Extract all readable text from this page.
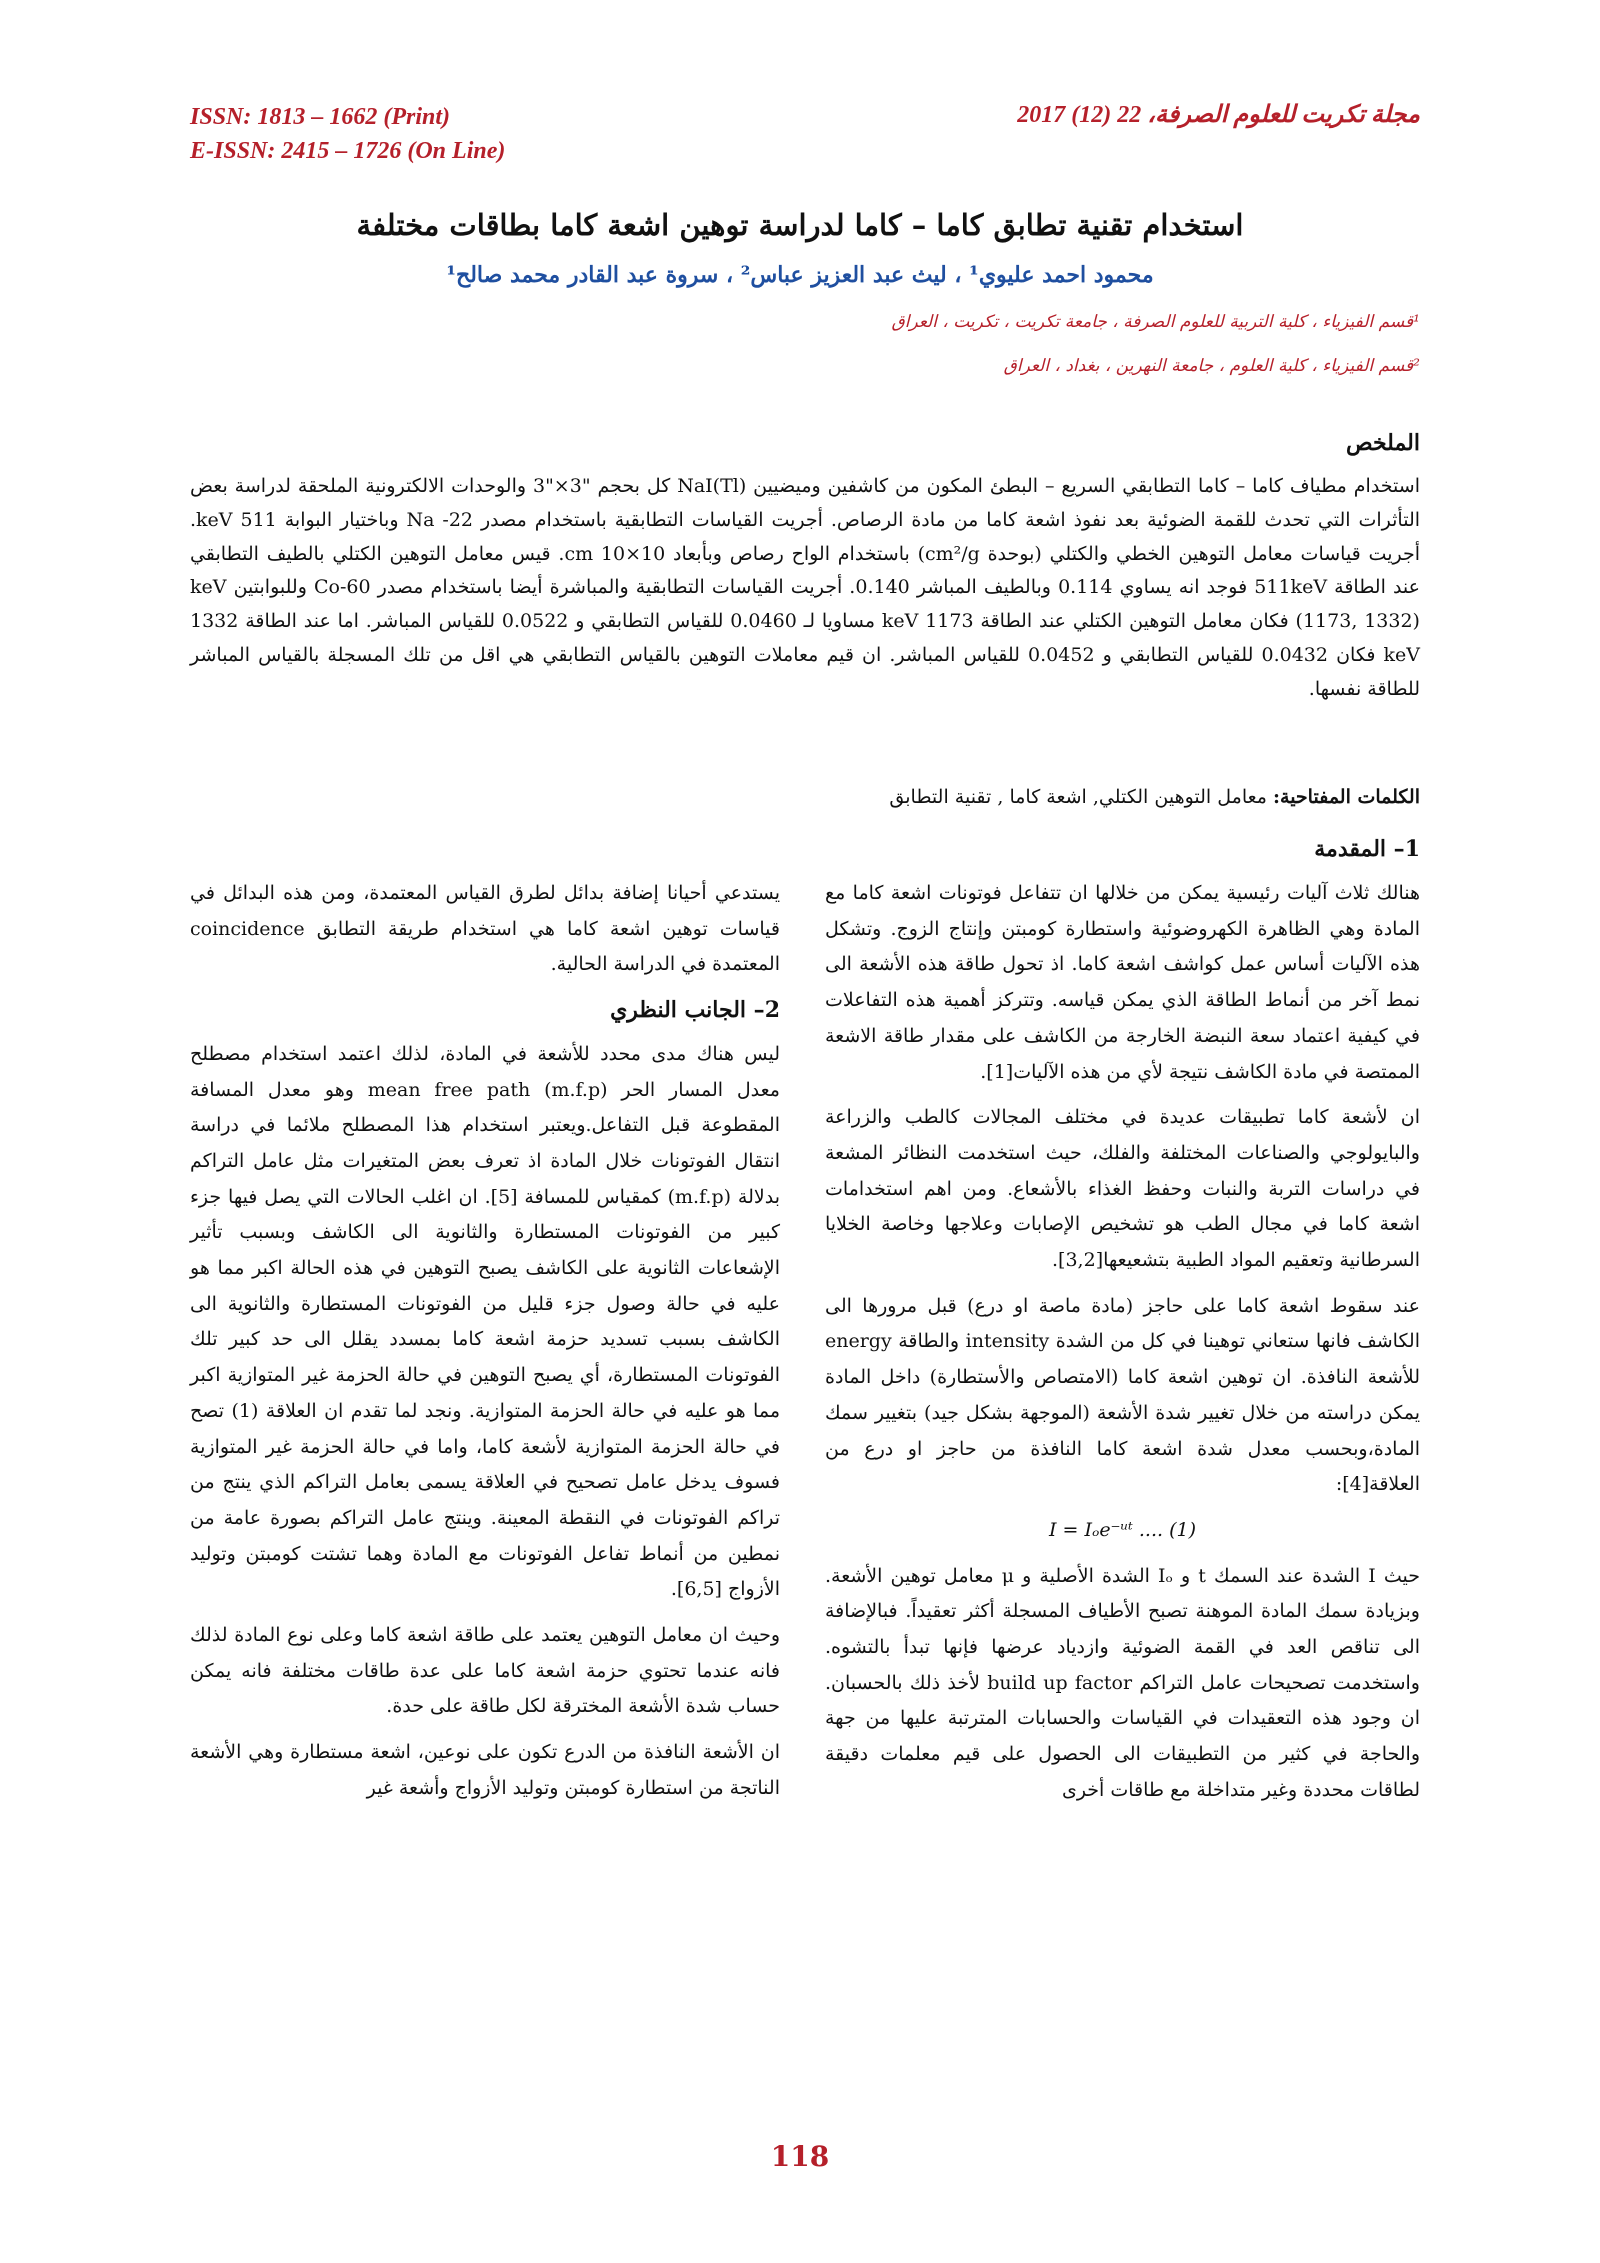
ISSN: 1813 – 1662 (Print)
E-ISSN: 2415 – 1726 (On Line)
مجلة تكريت للعلوم الصرفة، 22 (12) 2017
استخدام تقنية تطابق كاما – كاما لدراسة توهين اشعة كاما بطاقات مختلفة
محمود احمد عليوي¹ ، ليث عبد العزيز عباس² ، سروة عبد القادر محمد صالح¹
¹قسم الفيزياء ، كلية التربية للعلوم الصرفة ، جامعة تكريت ، تكريت ، العراق
²قسم الفيزياء ، كلية العلوم ، جامعة النهرين ، بغداد ، العراق
الملخص
استخدام مطياف كاما – كاما التطابقي السريع – البطئ المكون من كاشفين وميضيين NaI(Tl) كل بحجم "3×"3 والوحدات الالكترونية الملحقة لدراسة بعض التأثرات التي تحدث للقمة الضوئية بعد نفوذ اشعة كاما من مادة الرصاص. أجريت القياسات التطابقية باستخدام مصدر Na -22 وباختيار البوابة 511 keV. أجريت قياسات معامل التوهين الخطي والكتلي (بوحدة cm²/g) باستخدام الواح رصاص وبأبعاد 10×10 cm. قيس معامل التوهين الكتلي بالطيف التطابقي عند الطاقة 511keV فوجد انه يساوي 0.114 وبالطيف المباشر 0.140. أجريت القياسات التطابقية والمباشرة أيضا باستخدام مصدر Co-60 وللبوابتين keV (1173, 1332) فكان معامل التوهين الكتلي عند الطاقة 1173 keV مساويا لـ 0.0460 للقياس التطابقي و 0.0522 للقياس المباشر. اما عند الطاقة 1332 keV فكان 0.0432 للقياس التطابقي و 0.0452 للقياس المباشر. ان قيم معاملات التوهين بالقياس التطابقي هي اقل من تلك المسجلة بالقياس المباشر للطاقة نفسها.
الكلمات المفتاحية: معامل التوهين الكتلي, اشعة كاما , تقنية التطابق
1– المقدمة

هنالك ثلاث آليات رئيسية يمكن من خلالها ان تتفاعل فوتونات اشعة كاما مع المادة وهي الظاهرة الكهروضوئية واستطارة كومبتن وإنتاج الزوج. وتشكل هذه الآليات أساس عمل كواشف اشعة كاما. اذ تحول طاقة هذه الأشعة الى نمط آخر من أنماط الطاقة الذي يمكن قياسه. وتتركز أهمية هذه التفاعلات في كيفية اعتماد سعة النبضة الخارجة من الكاشف على مقدار طاقة الاشعة الممتصة في مادة الكاشف نتيجة لأي من هذه الآليات[1].

ان لأشعة كاما تطبيقات عديدة في مختلف المجالات كالطب والزراعة والبايولوجي والصناعات المختلفة والفلك، حيث استخدمت النظائر المشعة في دراسات التربة والنبات وحفظ الغذاء بالأشعاع. ومن اهم استخدامات اشعة كاما في مجال الطب هو تشخيص الإصابات وعلاجها وخاصة الخلايا السرطانية وتعقيم المواد الطبية بتشعيعها[3,2].

عند سقوط اشعة كاما على حاجز (مادة ماصة او درع) قبل مرورها الى الكاشف فانها ستعاني توهينا في كل من الشدة intensity والطاقة energy للأشعة النافذة. ان توهين اشعة كاما (الامتصاص والأستطارة) داخل المادة يمكن دراسته من خلال تغيير شدة الأشعة (الموجهة بشكل جيد) بتغيير سمك المادة،وبحسب معدل شدة اشعة كاما النافذة من حاجز او درع من العلاقة[4]:

I = Iₒe⁻ᵘᵗ .... (1)

حيث I الشدة عند السمك t و Iₒ الشدة الأصلية و μ معامل توهين الأشعة. وبزيادة سمك المادة الموهنة تصبح الأطياف المسجلة أكثر تعقيداً. فبالإضافة الى تناقص العد في القمة الضوئية وازدياد عرضها فإنها تبدأ بالتشوه. واستخدمت تصحيحات عامل التراكم build up factor لأخذ ذلك بالحسبان. ان وجود هذه التعقيدات في القياسات والحسابات المترتبة عليها من جهة والحاجة في كثير من التطبيقات الى الحصول على قيم معلمات دقيقة لطاقات محددة وغير متداخلة مع طاقات أخرى

يستدعي أحيانا إضافة بدائل لطرق القياس المعتمدة، ومن هذه البدائل في قياسات توهين اشعة كاما هي استخدام طريقة التطابق coincidence المعتمدة في الدراسة الحالية.

2– الجانب النظري

ليس هناك مدى محدد للأشعة في المادة، لذلك اعتمد استخدام مصطلح معدل المسار الحر mean free path (m.f.p) وهو معدل المسافة المقطوعة قبل التفاعل.ويعتبر استخدام هذا المصطلح ملائما في دراسة انتقال الفوتونات خلال المادة اذ تعرف بعض المتغيرات مثل عامل التراكم بدلالة (m.f.p) كمقياس للمسافة [5]. ان اغلب الحالات التي يصل فيها جزء كبير من الفوتونات المستطارة والثانوية الى الكاشف وبسبب تأثير الإشعاعات الثانوية على الكاشف يصبح التوهين في هذه الحالة اكبر مما هو عليه في حالة وصول جزء قليل من الفوتونات المستطارة والثانوية الى الكاشف بسبب تسديد حزمة اشعة كاما بمسدد يقلل الى حد كبير تلك الفوتونات المستطارة، أي يصبح التوهين في حالة الحزمة غير المتوازية اكبر مما هو عليه في حالة الحزمة المتوازية. ونجد لما تقدم ان العلاقة (1) تصح في حالة الحزمة المتوازية لأشعة كاما، واما في حالة الحزمة غير المتوازية فسوف يدخل عامل تصحيح في العلاقة يسمى بعامل التراكم الذي ينتج من تراكم الفوتونات في النقطة المعينة. وينتج عامل التراكم بصورة عامة من نمطين من أنماط تفاعل الفوتونات مع المادة وهما تشتت كومبتن وتوليد الأزواج [6,5].

وحيث ان معامل التوهين يعتمد على طاقة اشعة كاما وعلى نوع المادة لذلك فانه عندما تحتوي حزمة اشعة كاما على عدة طاقات مختلفة فانه يمكن حساب شدة الأشعة المخترقة لكل طاقة على حدة.

ان الأشعة النافذة من الدرع تكون على نوعين، اشعة مستطارة وهي الأشعة الناتجة من استطارة كومبتن وتوليد الأزواج وأشعة غير

118
